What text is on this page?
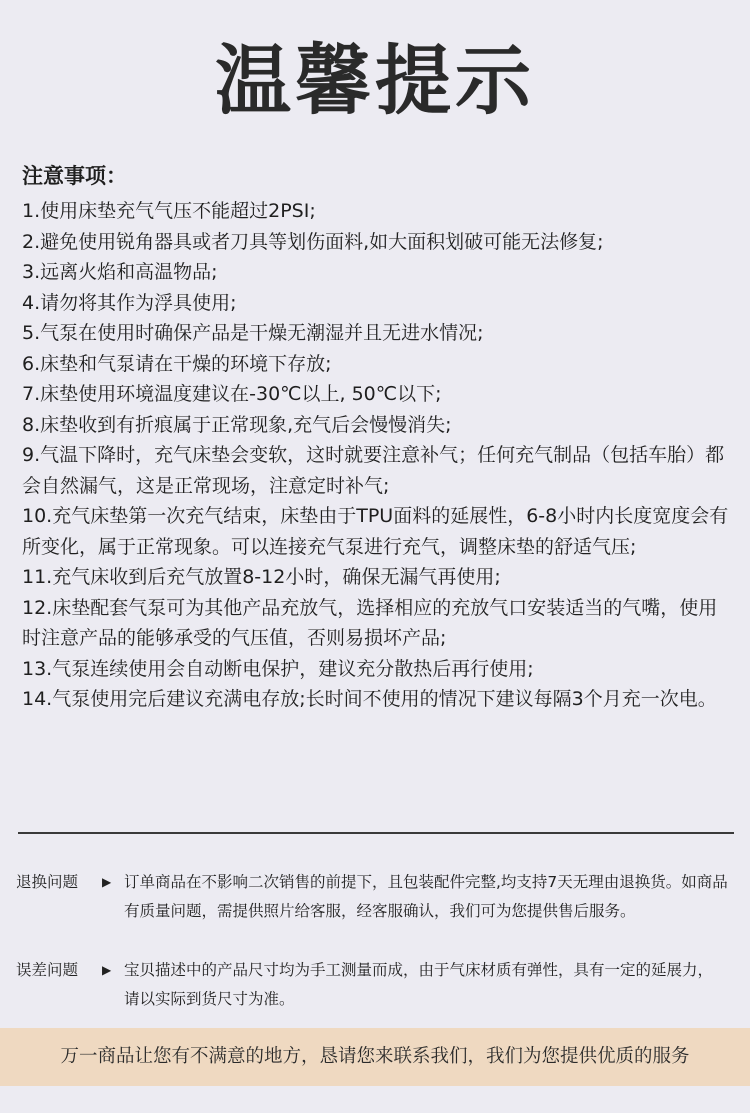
温馨提示
注意事项：

1.使用床垫充气气压不能超过2PSI;

2.避免使用锐角器具或者刀具等划伤面料,如大面积划破可能无法修复;

3.远离火焰和高温物品;

4.请勿将其作为浮具使用;

5.气泵在使用时确保产品是干燥无潮湿并且无进水情况;

6.床垫和气泵请在干燥的环境下存放;

7.床垫使用环境温度建议在-30℃以上, 50℃以下;

8.床垫收到有折痕属于正常现象,充气后会慢慢消失;

9.气温下降时，充气床垫会变软，这时就要注意补气；任何充气制品（包括车胎）都会自然漏气，这是正常现场，注意定时补气;

10.充气床垫第一次充气结束，床垫由于TPU面料的延展性，6-8小时内长度宽度会有所变化，属于正常现象。可以连接充气泵进行充气，调整床垫的舒适气压;

11.充气床收到后充气放置8-12小时，确保无漏气再使用;

12.床垫配套气泵可为其他产品充放气，选择相应的充放气口安装适当的气嘴，使用时注意产品的能够承受的气压值，否则易损坏产品;

13.气泵连续使用会自动断电保护，建议充分散热后再行使用;

14.气泵使用完后建议充满电存放;长时间不使用的情况下建议每隔3个月充一次电。

退换问题	▶ 订单商品在不影响二次销售的前提下，且包装配件完整,均支持7天无理由退换货。如商品有质量问题，需提供照片给客服，经客服确认，我们可为您提供售后服务。
误差问题	▶ 宝贝描述中的产品尺寸均为手工测量而成，由于气床材质有弹性，具有一定的延展力，请以实际到货尺寸为准。
万一商品让您有不满意的地方，恳请您来联系我们，我们为您提供优质的服务
